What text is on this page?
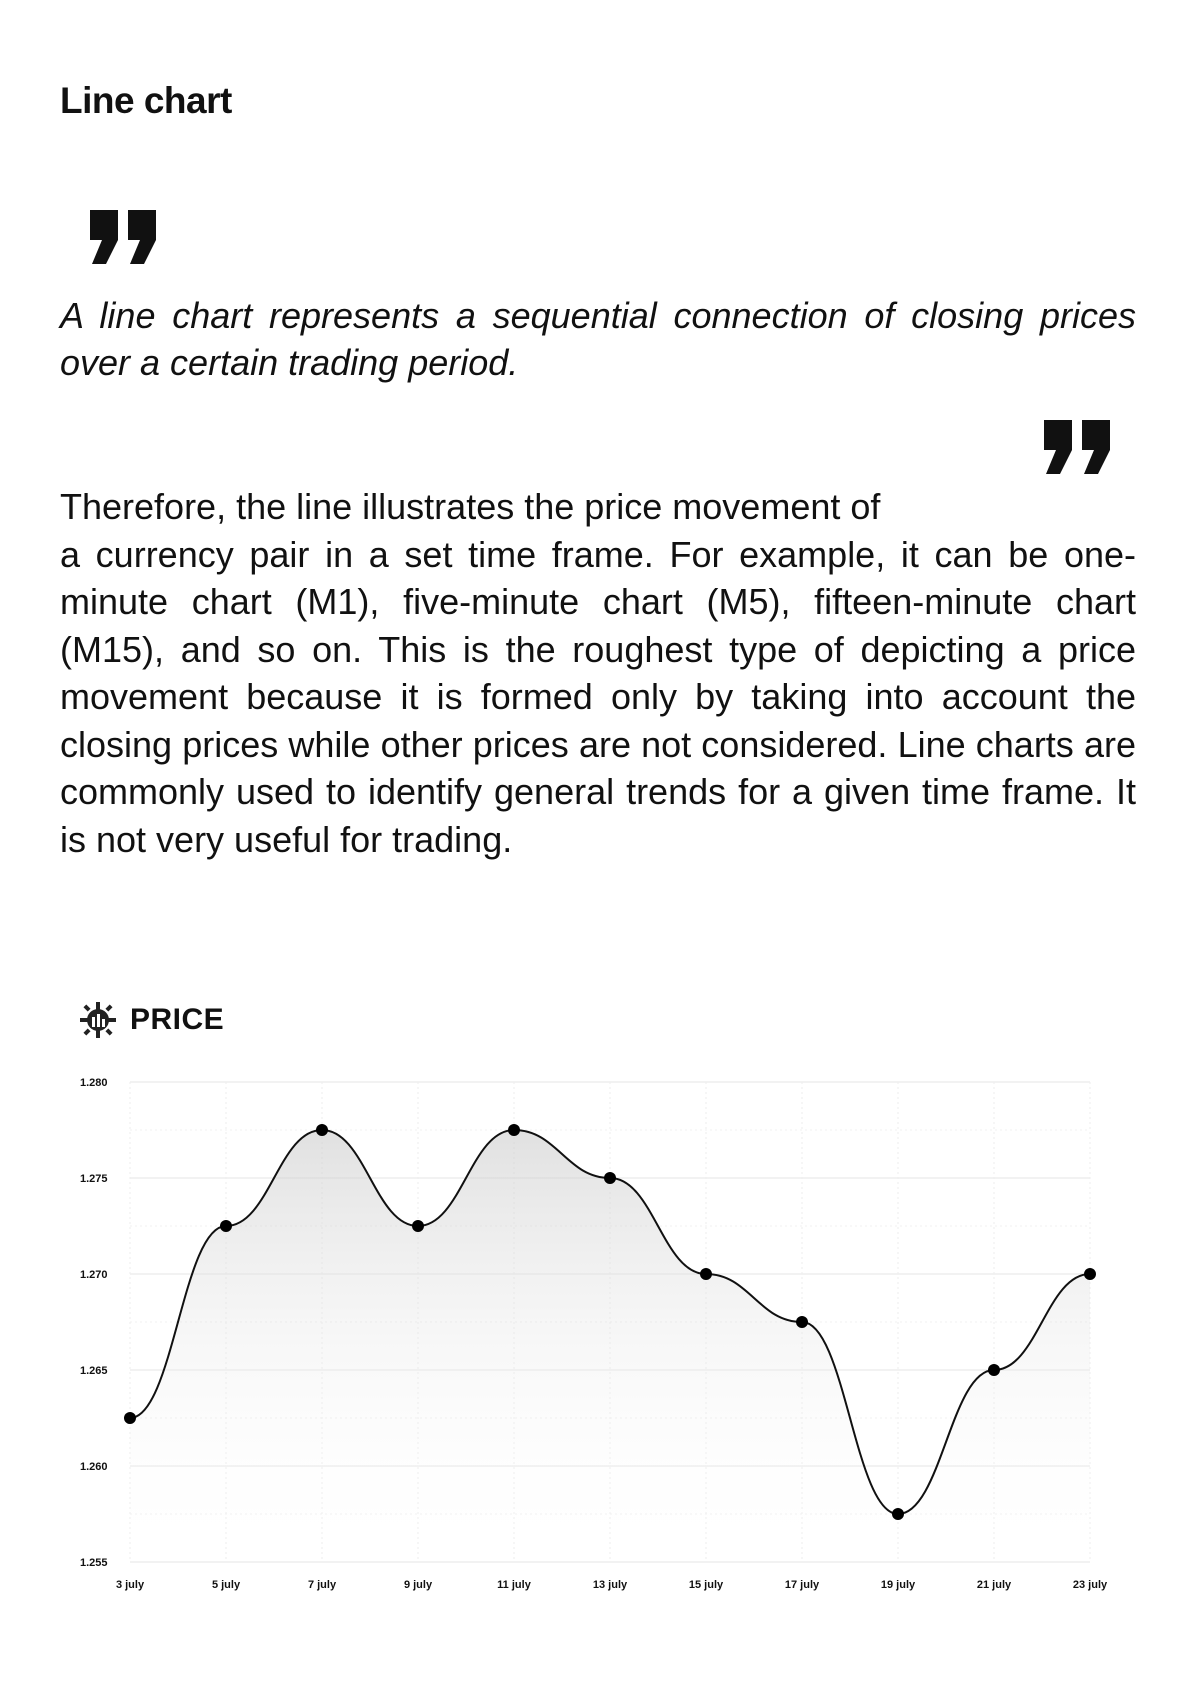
Line chart

A line chart represents a sequential connection of closing prices over a certain trading period.

Therefore, the line illustrates the price movement of
a currency pair in a set time frame. For example, it can be one-minute chart (M1), five-minute chart (M5), fifteen-minute chart (M15), and so on. This is the roughest type of depicting a price movement because it is formed only by taking into account the closing prices while other prices are not considered. Line charts are commonly used to identify general trends for a given time frame. It is not very useful for trading.

PRICE
1.280
1.275
1.270
1.265
1.260
1.255
3 july	5 july	7 july	9 july	11 july	13 july	15 july	17 july	19 july	21 july	23 july
